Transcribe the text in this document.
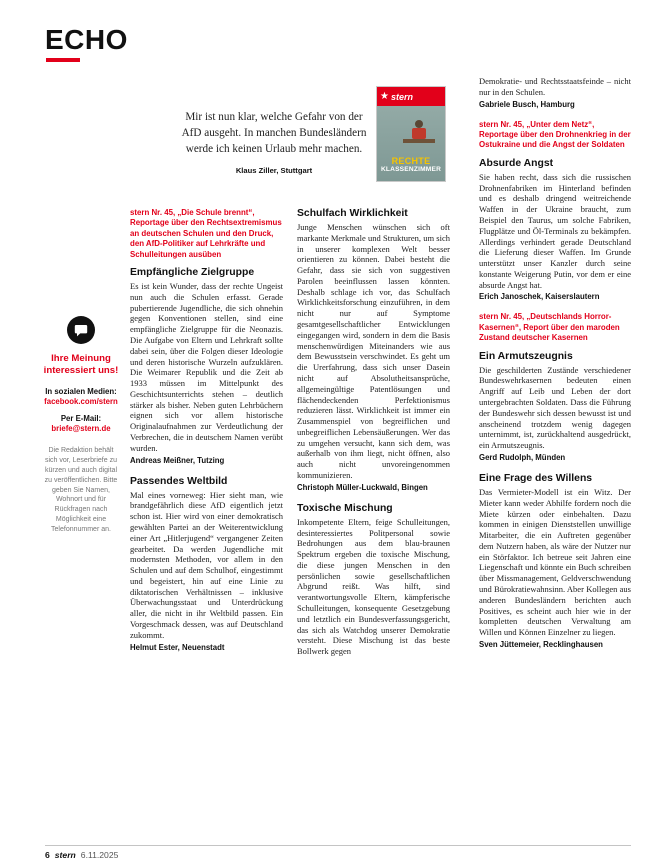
ECHO
Mir ist nun klar, welche Gefahr von der AfD ausgeht. In manchen Bundesländern werde ich keinen Urlaub mehr machen.
Klaus Ziller, Stuttgart
★ stern
RECHTE
KLASSENZIMMER
Ihre Meinung interessiert uns!
In sozialen Medien:
facebook.com/stern
Per E-Mail:
briefe@stern.de
Die Redaktion behält sich vor, Leserbriefe zu kürzen und auch digital zu veröffentlichen. Bitte geben Sie Namen, Wohnort und für Rückfragen nach Möglichkeit eine Telefonnummer an.

stern Nr. 45, „Die Schule brennt“, Reportage über den Rechtsextremismus an deutschen Schulen und den Druck, den AfD-Politiker auf Lehrkräfte und Schulleitungen ausüben

Empfängliche Zielgruppe

Es ist kein Wunder, dass der rechte Ungeist nun auch die Schulen erfasst. Gerade pubertierende Jugendliche, die sich ohnehin gegen Konventionen stellen, sind eine empfängliche Zielgruppe für die Neonazis. Die Aufgabe von Eltern und Lehrkraft sollte dabei sein, über die Folgen dieser Ideologie und deren historische Wurzeln aufzuklären. Die Weimarer Republik und die Zeit ab 1933 müssen im Mittelpunkt des Geschichtsunterrichts stehen – deutlich stärker als bisher. Neben guten Lehrbüchern eignen sich vor allem historische Originalaufnahmen zur Verdeutlichung der Verbrechen, die in deutschem Namen verübt wurden.

Andreas Meißner, Tutzing

Passendes Weltbild

Mal eines vorneweg: Hier sieht man, wie brandgefährlich diese AfD eigentlich jetzt schon ist. Hier wird von einer demokratisch gewählten Partei an der Weiterentwicklung einer Art „Hitlerjugend“ vergangener Zeiten gearbeitet. Da werden Jugendliche mit modernsten Methoden, vor allem in den Schulen und auf dem Schulhof, eingestimmt und begeistert, hin auf eine Linie zu diktatorischen Verhältnissen – inklusive Überwachungsstaat und Unterdrückung aller, die nicht in ihr Weltbild passen. Ein Vorgeschmack dessen, was auf Deutschland zukommt.

Helmut Ester, Neuenstadt

Schulfach Wirklichkeit

Junge Menschen wünschen sich oft markante Merkmale und Strukturen, um sich in unserer komplexen Welt besser orientieren zu können. Dabei besteht die Gefahr, dass sie sich von suggestiven Parolen beeinflussen lassen könnten. Deshalb schlage ich vor, das Schulfach Wirklichkeitsforschung einzuführen, in dem nicht nur auf Symptome gesamtgesellschaftlicher Entwicklungen eingegangen wird, sondern in dem die Basis menschenwürdigen Miteinanders wie aus dem Bewusstsein verschwindet. Es geht um die Urerfahrung, dass sich unser Dasein nicht auf Absolutheitsansprüche, allgemeingültige Patentlösungen und flächendeckenden Perfektionismus reduzieren lässt. Wirklichkeit ist immer ein Zusammenspiel von begreiflichen und unbegreiflichen Lebensäußerungen. Wer das zu umgehen versucht, kann sich dem, was außerhalb von ihm liegt, nicht öffnen, also auch nicht unvoreingenommen kommunizieren.

Christoph Müller-Luckwald, Bingen

Toxische Mischung

Inkompetente Eltern, feige Schulleitungen, desinteressiertes Politpersonal sowie Bedrohungen aus dem blau-braunen Spektrum ergeben die toxische Mischung, die diese jungen Menschen in den persönlichen sowie gesellschaftlichen Abgrund reißt. Was hilft, sind verantwortungsvolle Eltern, kämpferische Schulleitungen, konsequente Gesetzgebung und letztlich ein Bundesverfassungsgericht, das sich als Watchdog unserer Demokratie versteht. Diese Mischung ist das beste Bollwerk gegen

Demokratie- und Rechtsstaatsfeinde – nicht nur in den Schulen.

Gabriele Busch, Hamburg

stern Nr. 45, „Unter dem Netz“, Reportage über den Drohnenkrieg in der Ostukraine und die Angst der Soldaten

Absurde Angst

Sie haben recht, dass sich die russischen Drohnenfabriken im Hinterland befinden und es deshalb dringend weitreichende Waffen in der Ukraine braucht, zum Beispiel den Taurus, um solche Fabriken, Flugplätze und Öl-Terminals zu bekämpfen. Allerdings verhindert gerade Deutschland die Lieferung dieser Waffen. Im Grunde unterstützt unser Kanzler durch seine konstante Weigerung Putin, vor dem er eine absurde Angst hat.

Erich Janoschek, Kaiserslautern

stern Nr. 45, „Deutschlands Horror-Kasernen“, Report über den maroden Zustand deutscher Kasernen

Ein Armutszeugnis

Die geschilderten Zustände verschiedener Bundeswehrkasernen bedeuten einen Angriff auf Leib und Leben der dort untergebrachten Soldaten. Dass die Führung der Bundeswehr sich dessen bewusst ist und anscheinend trotzdem wenig dagegen unternimmt, ist, zurückhaltend ausgedrückt, ein Armutszeugnis.

Gerd Rudolph, Münden

Eine Frage des Willens

Das Vermieter-Modell ist ein Witz. Der Mieter kann weder Abhilfe fordern noch die Miete kürzen oder einbehalten. Dazu kommen in einigen Dienststellen unwillige Mitarbeiter, die ein Auftreten gegenüber dem Nutzern haben, als wäre der Nutzer nur ein Störfaktor. Ich betreue seit Jahren eine Liegenschaft und könnte ein Buch schreiben über Missmanagement, Geldverschwendung und Bürokratiewahnsinn. Aber Kollegen aus anderen Bundesländern berichten auch Positives, es scheint auch hier wie in der kompletten deutschen Verwaltung am Willen und Können Einzelner zu liegen.

Sven Jüttemeier, Recklinghausen

6 stern 6.11.2025
